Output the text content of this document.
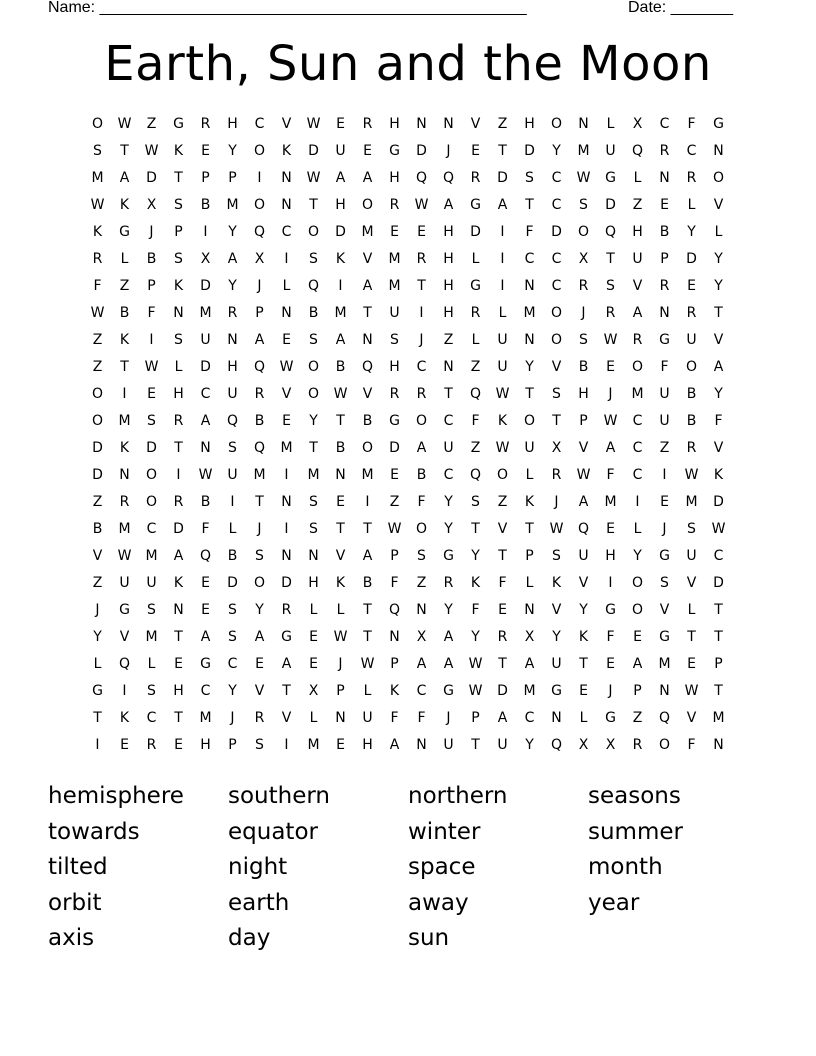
Name: ________________________________________________

	Date: _______

Earth, Sun and the Moon
O	W	Z	G	R	H	C	V	W	E	R	H	N	N	V	Z	H	O	N	L	X	C	F	G
S	T	W	K	E	Y	O	K	D	U	E	G	D	J	E	T	D	Y	M	U	Q	R	C	N
M	A	D	T	P	P	I	N	W	A	A	H	Q	Q	R	D	S	C	W	G	L	N	R	O
W	K	X	S	B	M	O	N	T	H	O	R	W	A	G	A	T	C	S	D	Z	E	L	V
K	G	J	P	I	Y	Q	C	O	D	M	E	E	H	D	I	F	D	O	Q	H	B	Y	L
R	L	B	S	X	A	X	I	S	K	V	M	R	H	L	I	C	C	X	T	U	P	D	Y
F	Z	P	K	D	Y	J	L	Q	I	A	M	T	H	G	I	N	C	R	S	V	R	E	Y
W	B	F	N	M	R	P	N	B	M	T	U	I	H	R	L	M	O	J	R	A	N	R	T
Z	K	I	S	U	N	A	E	S	A	N	S	J	Z	L	U	N	O	S	W	R	G	U	V
Z	T	W	L	D	H	Q	W	O	B	Q	H	C	N	Z	U	Y	V	B	E	O	F	O	A
O	I	E	H	C	U	R	V	O	W	V	R	R	T	Q	W	T	S	H	J	M	U	B	Y
O	M	S	R	A	Q	B	E	Y	T	B	G	O	C	F	K	O	T	P	W	C	U	B	F
D	K	D	T	N	S	Q	M	T	B	O	D	A	U	Z	W	U	X	V	A	C	Z	R	V
D	N	O	I	W	U	M	I	M	N	M	E	B	C	Q	O	L	R	W	F	C	I	W	K
Z	R	O	R	B	I	T	N	S	E	I	Z	F	Y	S	Z	K	J	A	M	I	E	M	D
B	M	C	D	F	L	J	I	S	T	T	W	O	Y	T	V	T	W	Q	E	L	J	S	W
V	W	M	A	Q	B	S	N	N	V	A	P	S	G	Y	T	P	S	U	H	Y	G	U	C
Z	U	U	K	E	D	O	D	H	K	B	F	Z	R	K	F	L	K	V	I	O	S	V	D
J	G	S	N	E	S	Y	R	L	L	T	Q	N	Y	F	E	N	V	Y	G	O	V	L	T
Y	V	M	T	A	S	A	G	E	W	T	N	X	A	Y	R	X	Y	K	F	E	G	T	T
L	Q	L	E	G	C	E	A	E	J	W	P	A	A	W	T	A	U	T	E	A	M	E	P
G	I	S	H	C	Y	V	T	X	P	L	K	C	G	W	D	M	G	E	J	P	N	W	T
T	K	C	T	M	J	R	V	L	N	U	F	F	J	P	A	C	N	L	G	Z	Q	V	M
I	E	R	E	H	P	S	I	M	E	H	A	N	U	T	U	Y	Q	X	X	R	O	F	N
hemisphere	southern	northern	seasons
towards	equator	winter	summer
tilted	night	space	month
orbit	earth	away	year
axis	day	sun
